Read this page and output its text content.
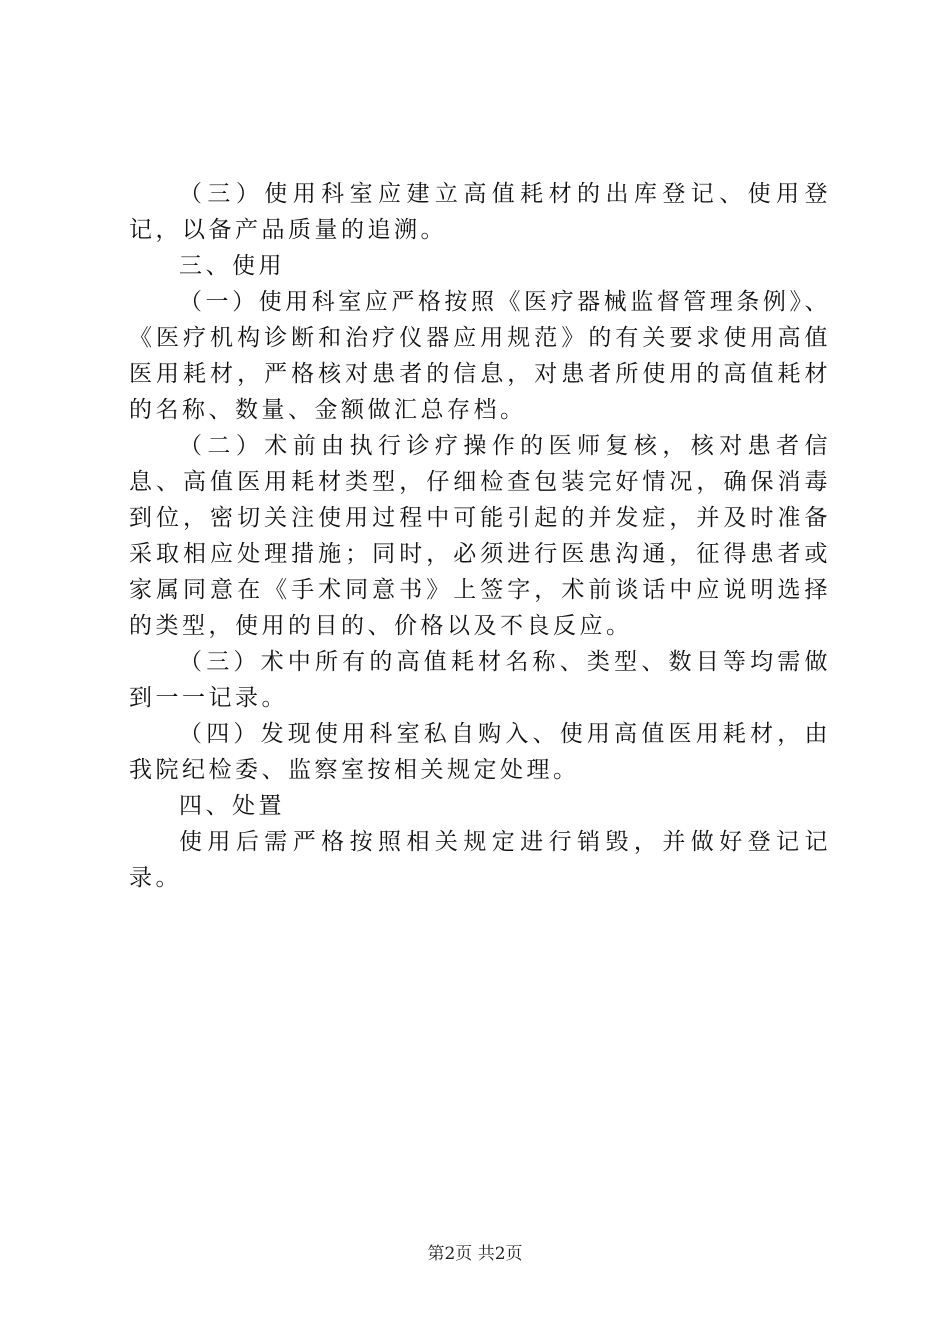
（三）使用科室应建立高值耗材的出库登记、使用登记，以备产品质量的追溯。

三、使用

（一）使用科室应严格按照《医疗器械监督管理条例》、《医疗机构诊断和治疗仪器应用规范》的有关要求使用高值医用耗材，严格核对患者的信息，对患者所使用的高值耗材的名称、数量、金额做汇总存档。

（二）术前由执行诊疗操作的医师复核，核对患者信息、高值医用耗材类型，仔细检查包装完好情况，确保消毒到位，密切关注使用过程中可能引起的并发症，并及时准备采取相应处理措施；同时，必须进行医患沟通，征得患者或家属同意在《手术同意书》上签字，术前谈话中应说明选择的类型，使用的目的、价格以及不良反应。

（三）术中所有的高值耗材名称、类型、数目等均需做到一一记录。

（四）发现使用科室私自购入、使用高值医用耗材，由我院纪检委、监察室按相关规定处理。

四、处置

使用后需严格按照相关规定进行销毁，并做好登记记录。

第2页 共2页
